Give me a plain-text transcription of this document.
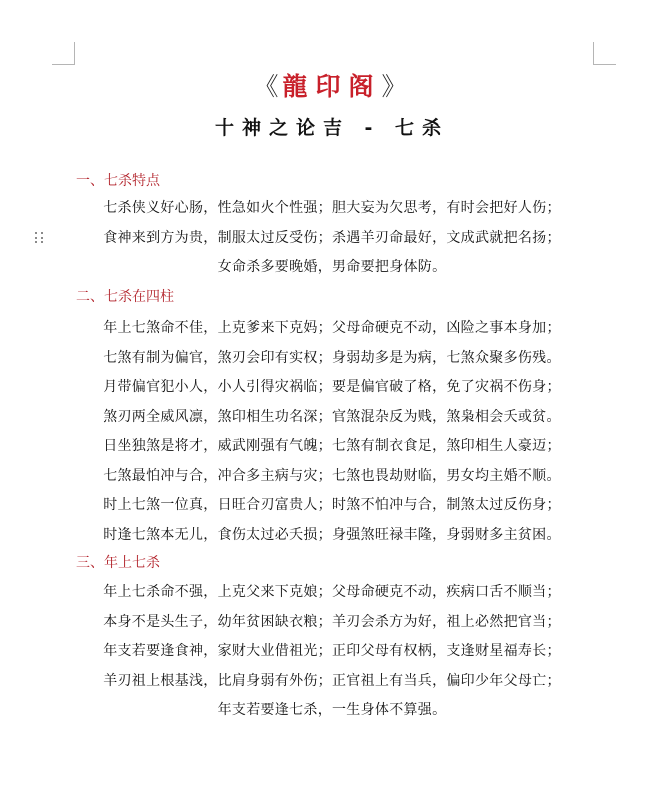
《龍印阁》
十神之论吉 - 七杀
一、七杀特点
七杀侠义好心肠，性急如火个性强；胆大妄为欠思考，有时会把好人伤；
食神来到方为贵，制服太过反受伤；杀遇羊刃命最好，文成武就把名扬；
女命杀多要晚婚，男命要把身体防。
二、七杀在四柱
年上七煞命不佳，上克爹来下克妈；父母命硬克不动，凶险之事本身加；
七煞有制为偏官，煞刃会印有实权；身弱劫多是为病，七煞众聚多伤残。
月带偏官犯小人，小人引得灾祸临；要是偏官破了格，免了灾祸不伤身；
煞刃两全威风凛，煞印相生功名深；官煞混杂反为贱，煞枭相会夭或贫。
日坐独煞是将才，威武刚强有气魄；七煞有制衣食足，煞印相生人豪迈；
七煞最怕冲与合，冲合多主病与灾；七煞也畏劫财临，男女均主婚不顺。
时上七煞一位真，日旺合刃富贵人；时煞不怕冲与合，制煞太过反伤身；
时逢七煞本无儿，食伤太过必夭损；身强煞旺禄丰隆，身弱财多主贫困。
三、年上七杀
年上七杀命不强，上克父来下克娘；父母命硬克不动，疾病口舌不顺当；
本身不是头生子，幼年贫困缺衣粮；羊刃会杀方为好，祖上必然把官当；
年支若要逢食神，家财大业借祖光；正印父母有权柄，支逢财星福寿长；
羊刃祖上根基浅，比肩身弱有外伤；正官祖上有当兵，偏印少年父母亡；
年支若要逢七杀，一生身体不算强。
